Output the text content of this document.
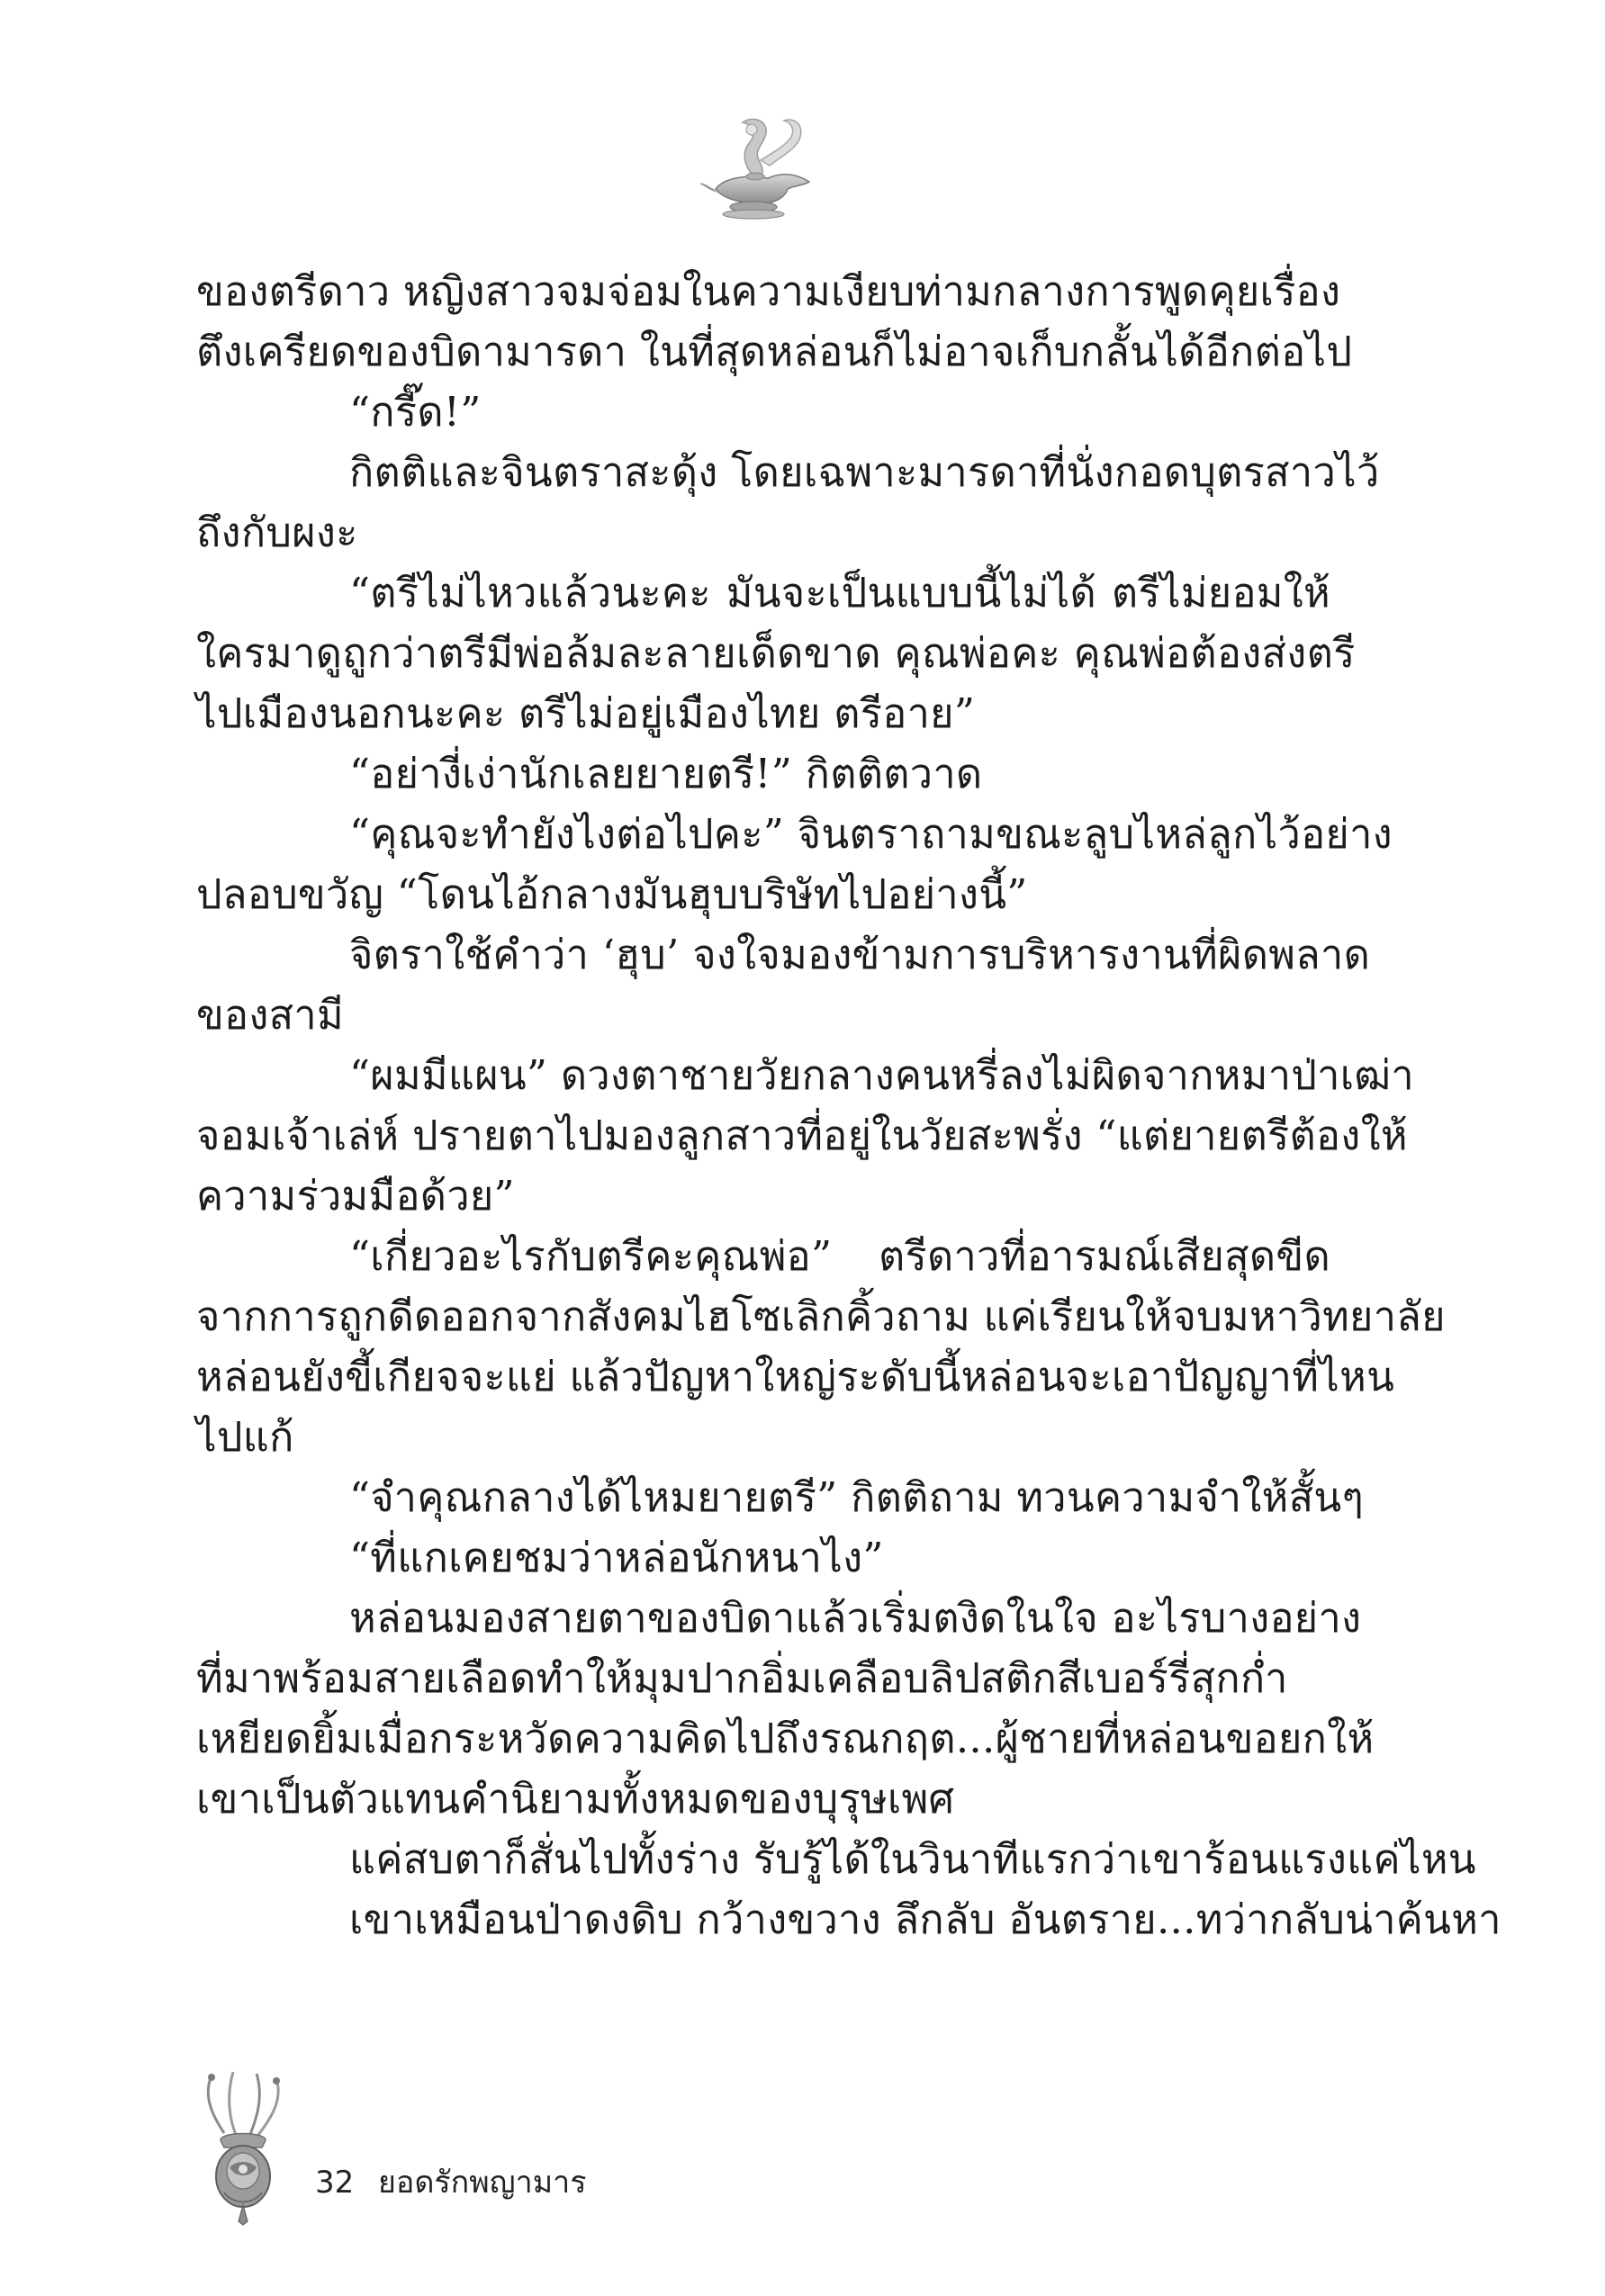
ของตรีดาว หญิงสาวจมจ่อมในความเงียบท่ามกลางการพูดคุยเรื่อง
ตึงเครียดของบิดามารดา ในที่สุดหล่อนก็ไม่อาจเก็บกลั้นได้อีกต่อไป
“กรี๊ด!”
กิตติและจินตราสะดุ้ง โดยเฉพาะมารดาที่นั่งกอดบุตรสาวไว้
ถึงกับผงะ
“ตรีไม่ไหวแล้วนะคะ มันจะเป็นแบบนี้ไม่ได้ ตรีไม่ยอมให้
ใครมาดูถูกว่าตรีมีพ่อล้มละลายเด็ดขาด คุณพ่อคะ คุณพ่อต้องส่งตรี
ไปเมืองนอกนะคะ ตรีไม่อยู่เมืองไทย ตรีอาย”
“อย่างี่เง่านักเลยยายตรี!” กิตติตวาด
“คุณจะทำยังไงต่อไปคะ” จินตราถามขณะลูบไหล่ลูกไว้อย่าง
ปลอบขวัญ “โดนไอ้กลางมันฮุบบริษัทไปอย่างนี้”
จิตราใช้คำว่า ‘ฮุบ’ จงใจมองข้ามการบริหารงานที่ผิดพลาด
ของสามี
“ผมมีแผน” ดวงตาชายวัยกลางคนหรี่ลงไม่ผิดจากหมาป่าเฒ่า
จอมเจ้าเล่ห์ ปรายตาไปมองลูกสาวที่อยู่ในวัยสะพรั่ง “แต่ยายตรีต้องให้
ความร่วมมือด้วย”
“เกี่ยวอะไรกับตรีคะคุณพ่อ” ตรีดาวที่อารมณ์เสียสุดขีด
จากการถูกดีดออกจากสังคมไฮโซเลิกคิ้วถาม แค่เรียนให้จบมหาวิทยาลัย
หล่อนยังขี้เกียจจะแย่ แล้วปัญหาใหญ่ระดับนี้หล่อนจะเอาปัญญาที่ไหน
ไปแก้
“จำคุณกลางได้ไหมยายตรี” กิตติถาม ทวนความจำให้สั้นๆ
“ที่แกเคยชมว่าหล่อนักหนาไง”
หล่อนมองสายตาของบิดาแล้วเริ่มตงิดในใจ อะไรบางอย่าง
ที่มาพร้อมสายเลือดทำให้มุมปากอิ่มเคลือบลิปสติกสีเบอร์รี่สุกก่ำ
เหยียดยิ้มเมื่อกระหวัดความคิดไปถึงรณกฤต...ผู้ชายที่หล่อนขอยกให้
เขาเป็นตัวแทนคำนิยามทั้งหมดของบุรุษเพศ
แค่สบตาก็สั่นไปทั้งร่าง รับรู้ได้ในวินาทีแรกว่าเขาร้อนแรงแค่ไหน
เขาเหมือนป่าดงดิบ กว้างขวาง ลึกลับ อันตราย...ทว่ากลับน่าค้นหา
32 ยอดรักพญามาร
